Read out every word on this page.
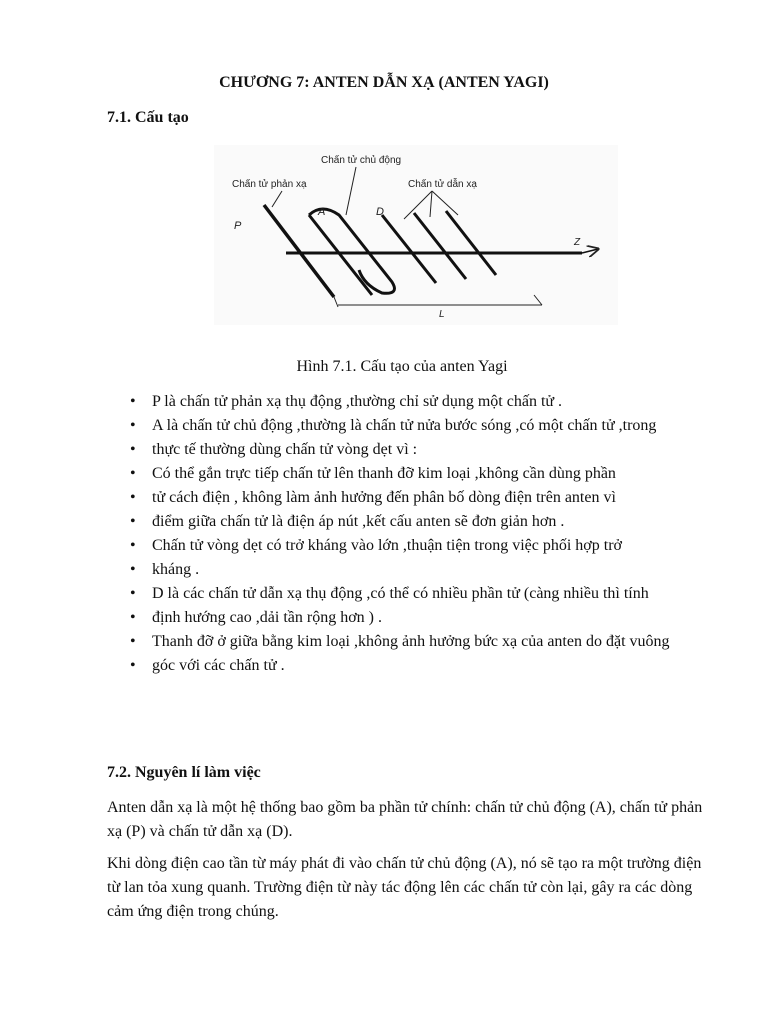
CHƯƠNG 7: ANTEN DẪN XẠ (ANTEN YAGI)
7.1. Cấu tạo
Z
L
Chấn tử chủ động
Chấn tử phản xạ	Chấn tử dẫn xạ
P
A	D
Hình 7.1. Cấu tạo của anten Yagi
• P là chấn tử phản xạ thụ động ,thường chỉ sử dụng một chấn tử .
• A là chấn tử chủ động ,thường là chấn tử nửa bước sóng ,có một chấn tử ,trong
• thực tế thường dùng chấn tử vòng dẹt vì :
• Có thể gắn trực tiếp chấn tử lên thanh đỡ kim loại ,không cần dùng phần
• tử cách điện , không làm ảnh hưởng đến phân bố dòng điện trên anten vì
• điểm giữa chấn tử là điện áp nút ,kết cấu anten sẽ đơn giản hơn .
• Chấn tử vòng dẹt có trở kháng vào lớn ,thuận tiện trong việc phối hợp trở
• kháng .
• D là các chấn tử dẫn xạ thụ động ,có thể có nhiều phần tử (càng nhiều thì tính
• định hướng cao ,dải tần rộng hơn ) .
• Thanh đỡ ở giữa bằng kim loại ,không ảnh hưởng bức xạ của anten do đặt vuông
• góc với các chấn tử .
7.2. Nguyên lí làm việc

Anten dẫn xạ là một hệ thống bao gồm ba phần tử chính: chấn tử chủ động (A), chấn tử phản xạ (P) và chấn tử dẫn xạ (D).

Khi dòng điện cao tần từ máy phát đi vào chấn tử chủ động (A), nó sẽ tạo ra một trường điện từ lan tỏa xung quanh. Trường điện từ này tác động lên các chấn tử còn lại, gây ra các dòng cảm ứng điện trong chúng.
